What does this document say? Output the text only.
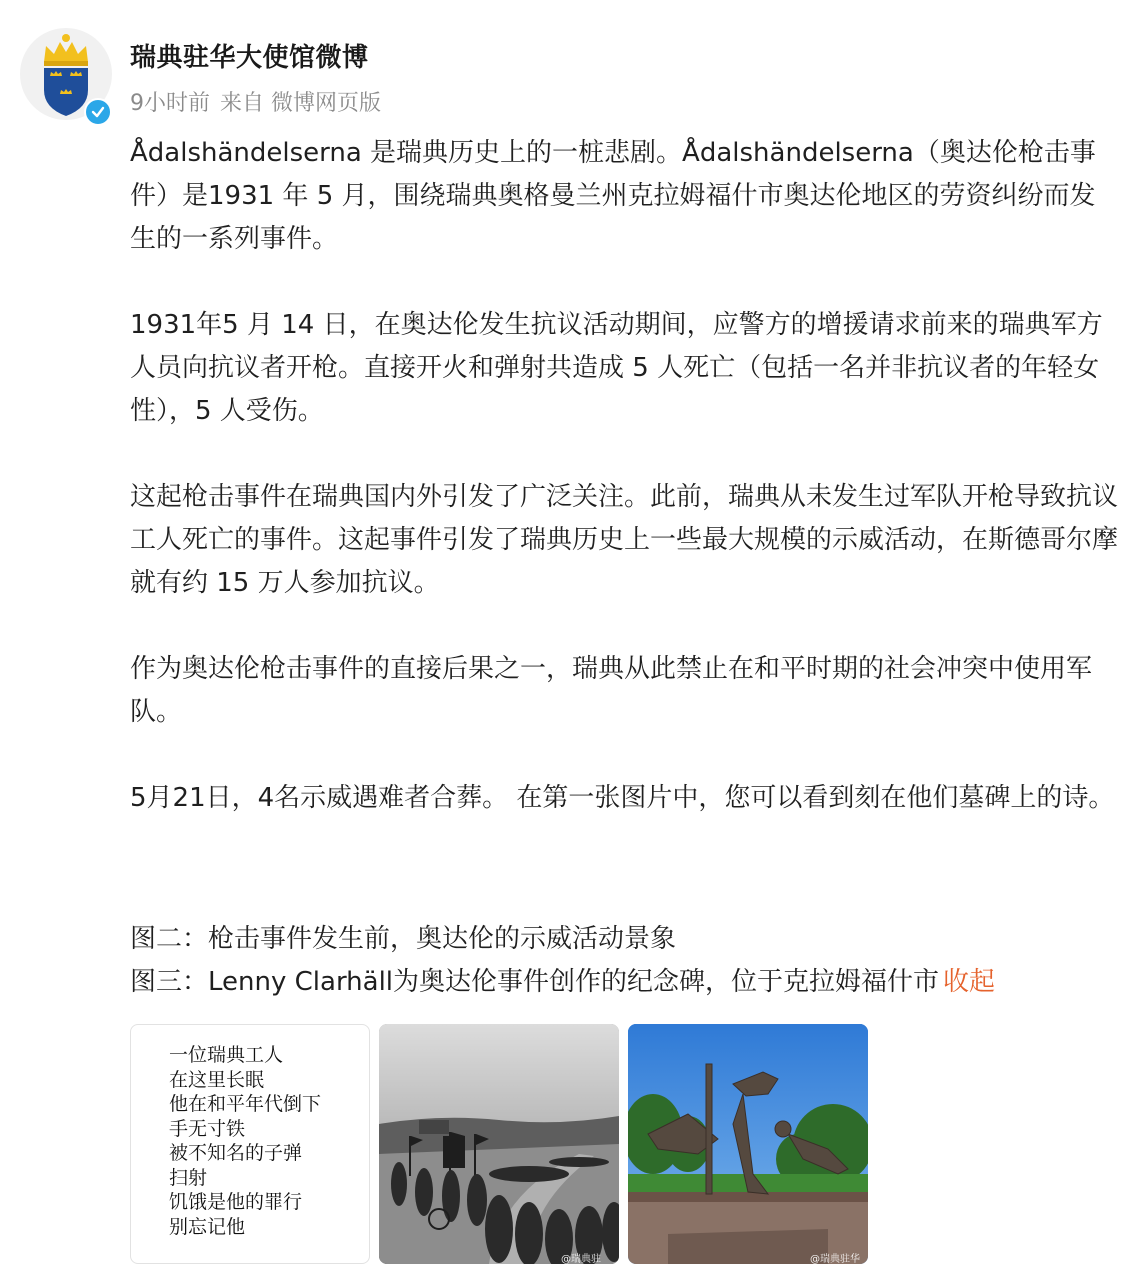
瑞典驻华大使馆微博
9小时前 来自 微博网页版

Ådalshändelserna 是瑞典历史上的一桩悲剧。Ådalshändelserna（奥达伦枪击事件）是1931 年 5 月，围绕瑞典奥格曼兰州克拉姆福什市奥达伦地区的劳资纠纷而发生的一系列事件。

1931年5 月 14 日，在奥达伦发生抗议活动期间，应警方的增援请求前来的瑞典军方人员向抗议者开枪。直接开火和弹射共造成 5 人死亡（包括一名并非抗议者的年轻女性），5 人受伤。

这起枪击事件在瑞典国内外引发了广泛关注。此前，瑞典从未发生过军队开枪导致抗议工人死亡的事件。这起事件引发了瑞典历史上一些最大规模的示威活动，在斯德哥尔摩就有约 15 万人参加抗议。

作为奥达伦枪击事件的直接后果之一，瑞典从此禁止在和平时期的社会冲突中使用军队。

5月21日，4名示威遇难者合葬。 在第一张图片中，您可以看到刻在他们墓碑上的诗。

图二：枪击事件发生前，奥达伦的示威活动景象
图三：Lenny Clarhäll为奥达伦事件创作的纪念碑，位于克拉姆福什市 收起
一位瑞典工人
在这里长眠
他在和平年代倒下
手无寸铁
被不知名的子弹
扫射
饥饿是他的罪行
别忘记他
@瑞典驻	@瑞典驻华
